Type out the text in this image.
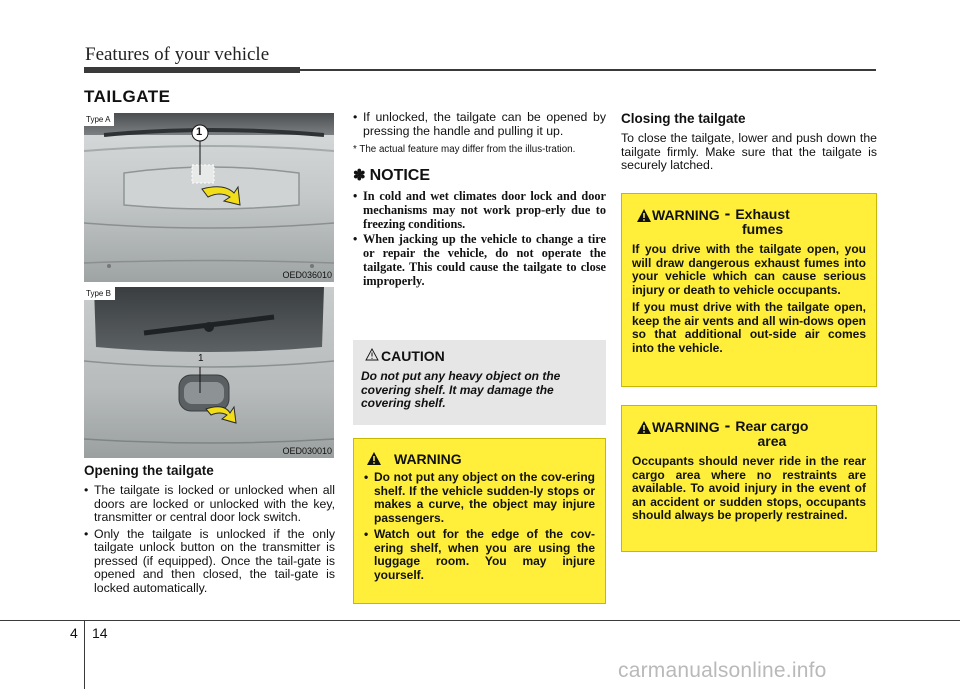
Features of your vehicle
TAILGATE
Type A
1
OED036010
Type B
1
OED030010
Opening the tailgate
• The tailgate is locked or unlocked when all doors are locked or unlocked with the key, transmitter or central door lock switch.
• Only the tailgate is unlocked if the only tailgate unlock button on the transmitter is pressed (if equipped). Once the tail-gate is opened and then closed, the tail-gate is locked automatically.
• If unlocked, the tailgate can be opened by pressing the handle and pulling it up.

* The actual feature may differ from the illus-tration.

✽ NOTICE
• In cold and wet climates door lock and door mechanisms may not work prop-erly due to freezing conditions.
• When jacking up the vehicle to change a tire or repair the vehicle, do not operate the tailgate. This could cause the tailgate to close improperly.
CAUTION
Do not put any heavy object on the covering shelf. It may damage the covering shelf.
WARNING
• Do not put any object on the cov-ering shelf. If the vehicle sudden-ly stops or makes a curve, the object may injure passengers.
• Watch out for the edge of the cov-ering shelf, when you are using the luggage room. You may injure yourself.
Closing the tailgate
To close the tailgate, lower and push down the tailgate firmly. Make sure that the tailgate is securely latched.
WARNING - Exhaust
fumes

If you drive with the tailgate open, you will draw dangerous exhaust fumes into your vehicle which can cause serious injury or death to vehicle occupants.

If you must drive with the tailgate open, keep the air vents and all win-dows open so that additional out-side air comes into the vehicle.

WARNING - Rear cargo
area

Occupants should never ride in the rear cargo area where no restraints are available. To avoid injury in the event of an accident or sudden stops, occupants should always be properly restrained.

4 14
carmanualsonline.info
